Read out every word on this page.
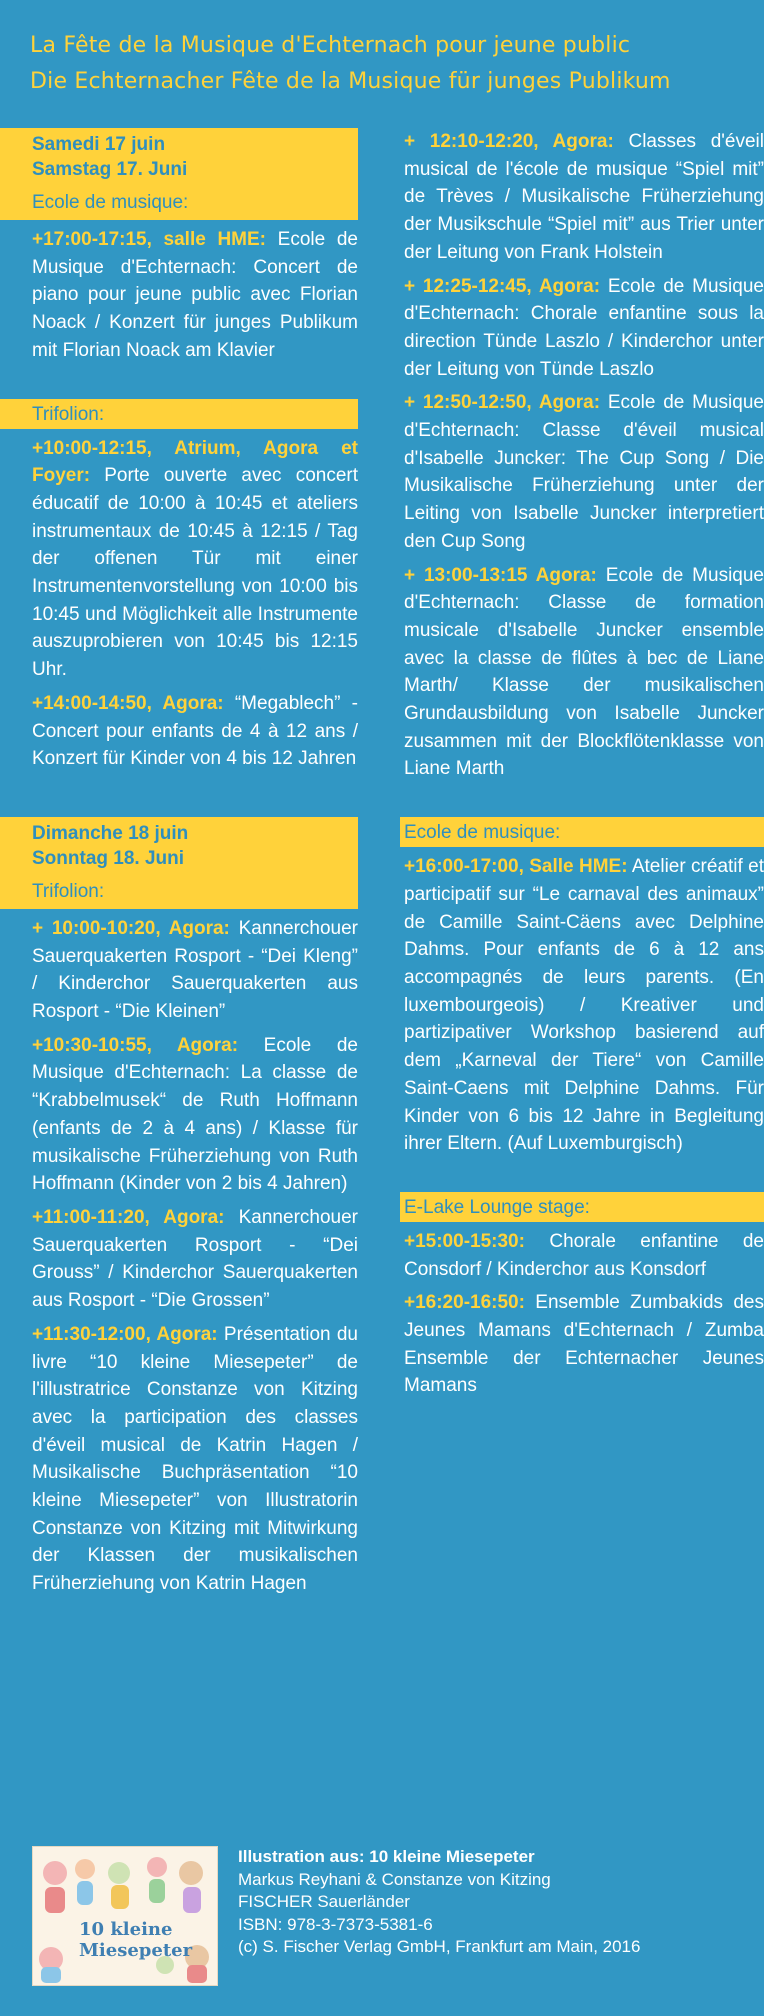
La Fête de la Musique d'Echternach pour jeune public
Die Echternacher Fête de la Musique für junges Publikum
Samedi 17 juin
Samstag 17. Juni
Ecole de musique:
+17:00-17:15, salle HME: Ecole de Musique d'Echternach: Concert de piano pour jeune public avec Florian Noack / Konzert für junges Publikum mit Florian Noack am Klavier
Trifolion:
+10:00-12:15, Atrium, Agora et Foyer: Porte ouverte avec concert éducatif de 10:00 à 10:45 et ateliers instrumentaux de 10:45 à 12:15 / Tag der offenen Tür mit einer Instrumentenvorstellung von 10:00 bis 10:45 und Möglichkeit alle Instrumente auszuprobieren von 10:45 bis 12:15 Uhr.
+14:00-14:50, Agora: “Megablech” - Concert pour enfants de 4 à 12 ans / Konzert für Kinder von 4 bis 12 Jahren
Dimanche 18 juin
Sonntag 18. Juni
Trifolion:
+ 10:00-10:20, Agora: Kannerchouer Sauerquakerten Rosport - “Dei Kleng” / Kinderchor Sauerquakerten aus Rosport - “Die Kleinen”
+10:30-10:55, Agora: Ecole de Musique d'Echternach: La classe de “Krabbelmusek“ de Ruth Hoffmann (enfants de 2 à 4 ans) / Klasse für musikalische Früherziehung von Ruth Hoffmann (Kinder von 2 bis 4 Jahren)
+11:00-11:20, Agora: Kannerchouer Sauerquakerten Rosport - “Dei Grouss” / Kinderchor Sauerquakerten aus Rosport - “Die Grossen”
+11:30-12:00, Agora: Présentation du livre “10 kleine Miesepeter” de l'illustratrice Constanze von Kitzing avec la participation des classes d'éveil musical de Katrin Hagen / Musikalische Buchpräsentation “10 kleine Miesepeter” von Illustratorin Constanze von Kitzing mit Mitwirkung der Klassen der musikalischen Früherziehung von Katrin Hagen
+ 12:10-12:20, Agora: Classes d'éveil musical de l'école de musique “Spiel mit” de Trèves / Musikalische Früherziehung der Musikschule “Spiel mit” aus Trier unter der Leitung von Frank Holstein
+ 12:25-12:45, Agora: Ecole de Musique d'Echternach: Chorale enfantine sous la direction Tünde Laszlo / Kinderchor unter der Leitung von Tünde Laszlo
+ 12:50-12:50, Agora: Ecole de Musique d'Echternach: Classe d'éveil musical d'Isabelle Juncker: The Cup Song / Die Musikalische Früherziehung unter der Leiting von Isabelle Juncker interpretiert den Cup Song
+ 13:00-13:15 Agora: Ecole de Musique d'Echternach: Classe de formation musicale d'Isabelle Juncker ensemble avec la classe de flûtes à bec de Liane Marth/ Klasse der musikalischen Grundausbildung von Isabelle Juncker zusammen mit der Blockflötenklasse von Liane Marth
Ecole de musique:
+16:00-17:00, Salle HME: Atelier créatif et participatif sur “Le carnaval des animaux” de Camille Saint-Cäens avec Delphine Dahms. Pour enfants de 6 à 12 ans accompagnés de leurs parents. (En luxembourgeois) / Kreativer und partizipativer Workshop basierend auf dem „Karneval der Tiere“ von Camille Saint-Caens mit Delphine Dahms. Für Kinder von 6 bis 12 Jahre in Begleitung ihrer Eltern. (Auf Luxemburgisch)
E-Lake Lounge stage:
+15:00-15:30: Chorale enfantine de Consdorf / Kinderchor aus Konsdorf
+16:20-16:50: Ensemble Zumbakids des Jeunes Mamans d'Echternach / Zumba Ensemble der Echternacher Jeunes Mamans
10 kleine Miesepeter
Illustration aus: 10 kleine Miesepeter
Markus Reyhani & Constanze von Kitzing
FISCHER Sauerländer
ISBN: 978-3-7373-5381-6
(c) S. Fischer Verlag GmbH, Frankfurt am Main, 2016
